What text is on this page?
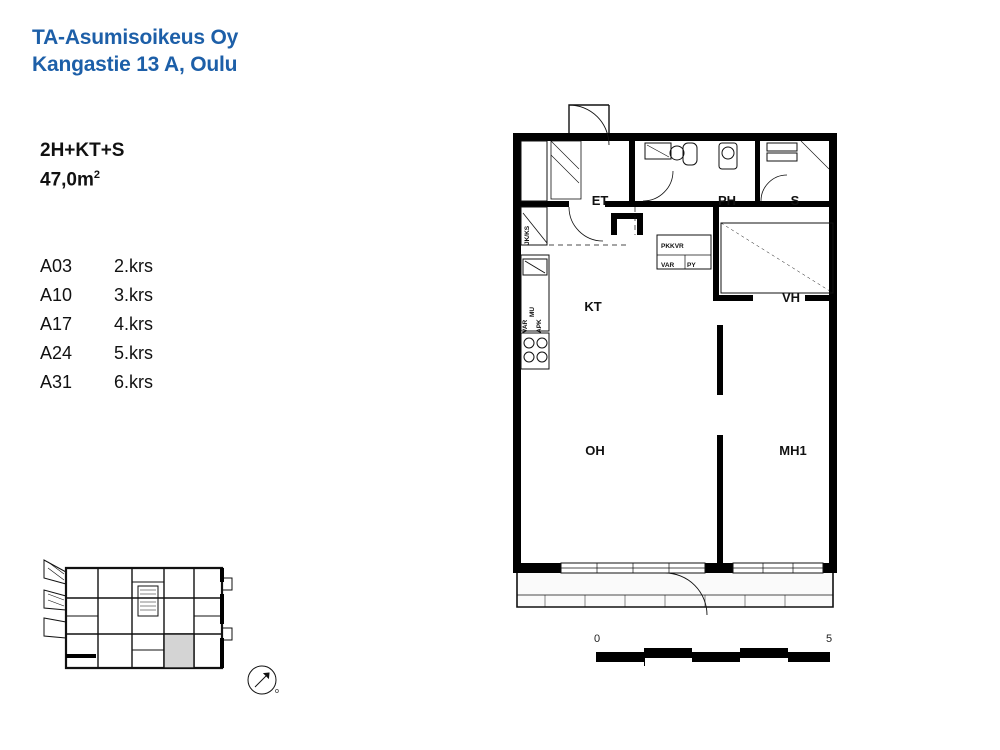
TA-Asumisoikeus Oy
Kangastie 13 A, Oulu
2H+KT+S
$47,0m^2$
A03	2.krs
A10	3.krs
A17	4.krs
A24	5.krs
A31	6.krs
o
ET	PH	S
KT
VH
OH	MH1
PKKVR
VAR PY
JK/KS
VAR APK
MU
0	5
